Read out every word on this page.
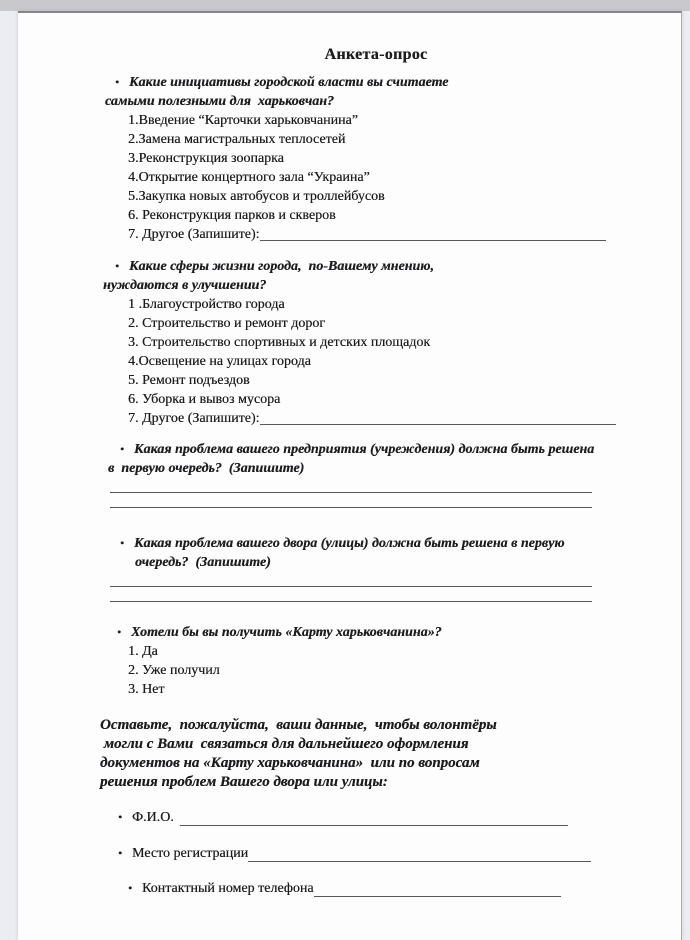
Анкета-опрос
• Какие инициативы городской власти вы считаете
самыми полезными для  харьковчан?
1.Введение “Карточки харьковчанина”
2.Замена магистральных теплосетей
3.Реконструкция зоопарка
4.Открытие концертного зала “Украина”
5.Закупка новых автобусов и троллейбусов
6. Реконструкция парков и скверов
7. Другое (Запишите):
• Какие сферы жизни города,  по-Вашему мнению,
нуждаются в улучшении?
1 .Благоустройство города
2. Строительство и ремонт дорог
3. Строительство спортивных и детских площадок
4.Освещение на улицах города
5. Ремонт подъездов
6. Уборка и вывоз мусора
7. Другое (Запишите):
• Какая проблема вашего предприятия (учреждения) должна быть решена
в  первую очередь?  (Запишите)
• Какая проблема вашего двора (улицы) должна быть решена в первую
очередь?  (Запишите)
• Хотели бы вы получить «Карту харьковчанина»?
1. Да
2. Уже получил
3. Нет
Оставьте,  пожалуйста,  ваши данные,  чтобы волонтёры
могли с Вами  связаться для дальнейшего оформления
документов на «Карту харьковчанина»  или по вопросам
решения проблем Вашего двора или улицы:
• Ф.И.О.
• Место регистрации
• Контактный номер телефона
